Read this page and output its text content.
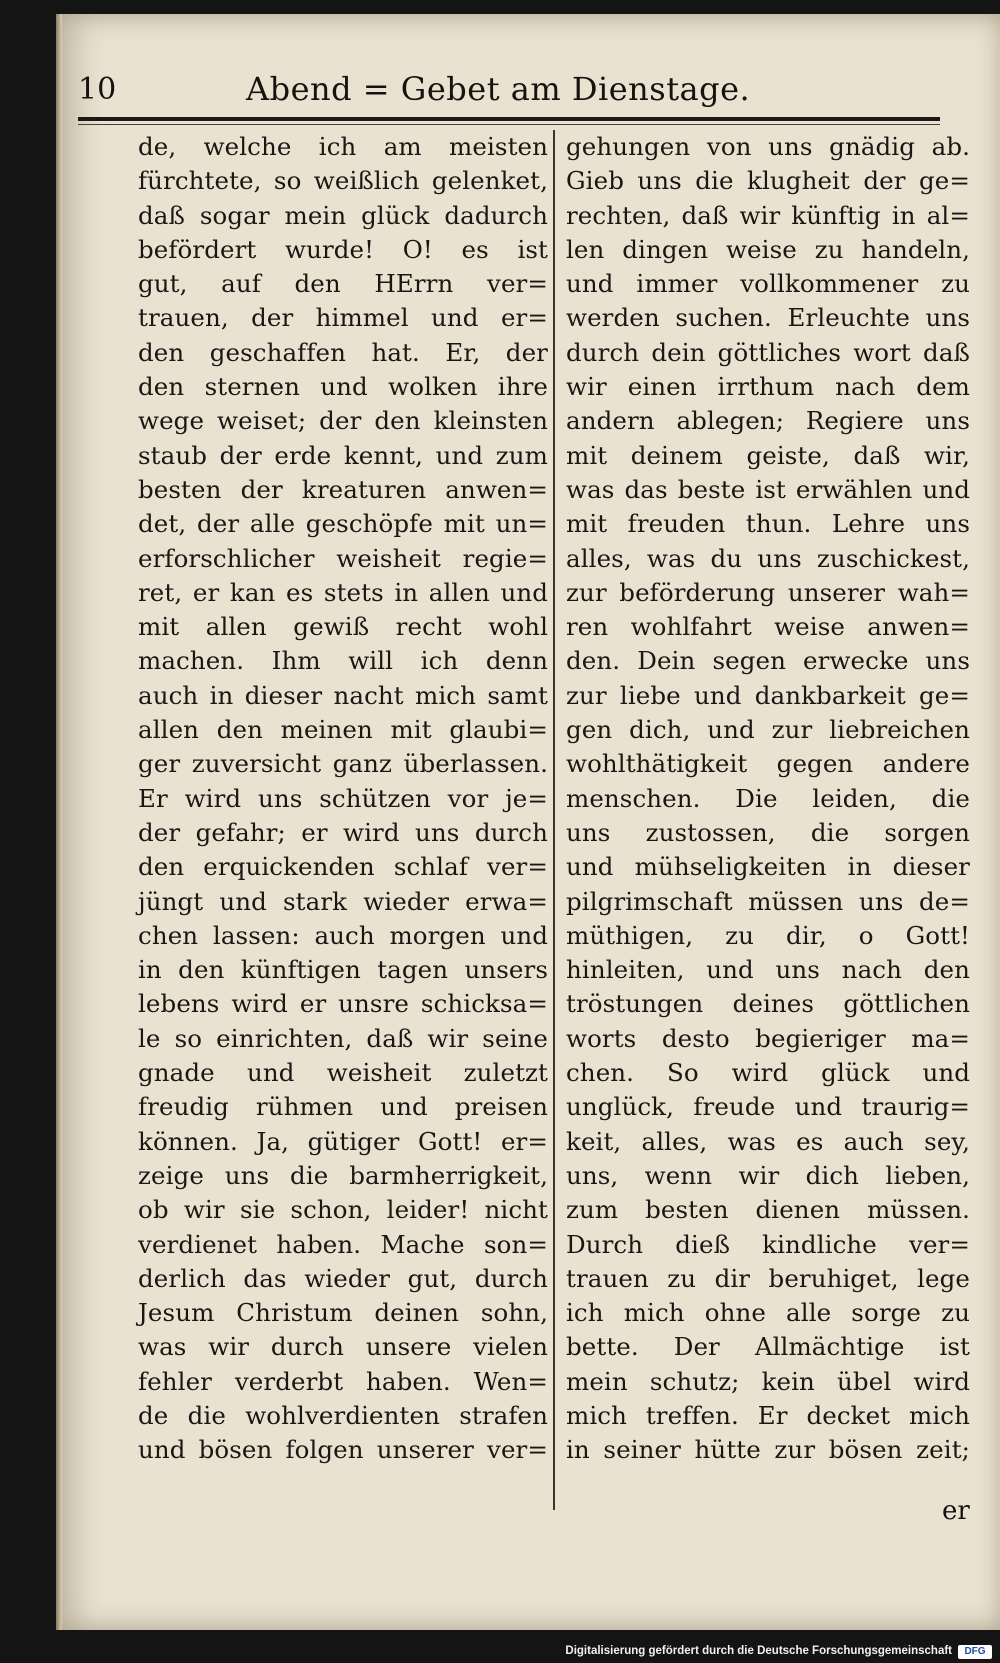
10	Abend = Gebet am Dienstage.
de, welche ich am meisten
fürchtete, so weißlich gelenket,
daß sogar mein glück dadurch
befördert wurde! O! es ist
gut, auf den HErrn ver=
trauen, der himmel und er=
den geschaffen hat. Er, der
den sternen und wolken ihre
wege weiset; der den kleinsten
staub der erde kennt, und zum
besten der kreaturen anwen=
det, der alle geschöpfe mit un=
erforschlicher weisheit regie=
ret, er kan es stets in allen und
mit allen gewiß recht wohl
machen. Ihm will ich denn
auch in dieser nacht mich samt
allen den meinen mit glaubi=
ger zuversicht ganz überlassen.
Er wird uns schützen vor je=
der gefahr; er wird uns durch
den erquickenden schlaf ver=
jüngt und stark wieder erwa=
chen lassen: auch morgen und
in den künftigen tagen unsers
lebens wird er unsre schicksa=
le so einrichten, daß wir seine
gnade und weisheit zuletzt
freudig rühmen und preisen
können. Ja, gütiger Gott! er=
zeige uns die barmherrigkeit,
ob wir sie schon, leider! nicht
verdienet haben. Mache son=
derlich das wieder gut, durch
Jesum Christum deinen sohn,
was wir durch unsere vielen
fehler verderbt haben. Wen=
de die wohlverdienten strafen
und bösen folgen unserer ver=
gehungen von uns gnädig ab.
Gieb uns die klugheit der ge=
rechten, daß wir künftig in al=
len dingen weise zu handeln,
und immer vollkommener zu
werden suchen. Erleuchte uns
durch dein göttliches wort daß
wir einen irrthum nach dem
andern ablegen; Regiere uns
mit deinem geiste, daß wir,
was das beste ist erwählen und
mit freuden thun. Lehre uns
alles, was du uns zuschickest,
zur beförderung unserer wah=
ren wohlfahrt weise anwen=
den. Dein segen erwecke uns
zur liebe und dankbarkeit ge=
gen dich, und zur liebreichen
wohlthätigkeit gegen andere
menschen. Die leiden, die
uns zustossen, die sorgen
und mühseligkeiten in dieser
pilgrimschaft müssen uns de=
müthigen, zu dir, o Gott!
hinleiten, und uns nach den
tröstungen deines göttlichen
worts desto begieriger ma=
chen. So wird glück und
unglück, freude und traurig=
keit, alles, was es auch sey,
uns, wenn wir dich lieben,
zum besten dienen müssen.
Durch dieß kindliche ver=
trauen zu dir beruhiget, lege
ich mich ohne alle sorge zu
bette. Der Allmächtige ist
mein schutz; kein übel wird
mich treffen. Er decket mich
in seiner hütte zur bösen zeit;
er
Digitalisierung gefördert durch die Deutsche Forschungsgemeinschaft	DFG
